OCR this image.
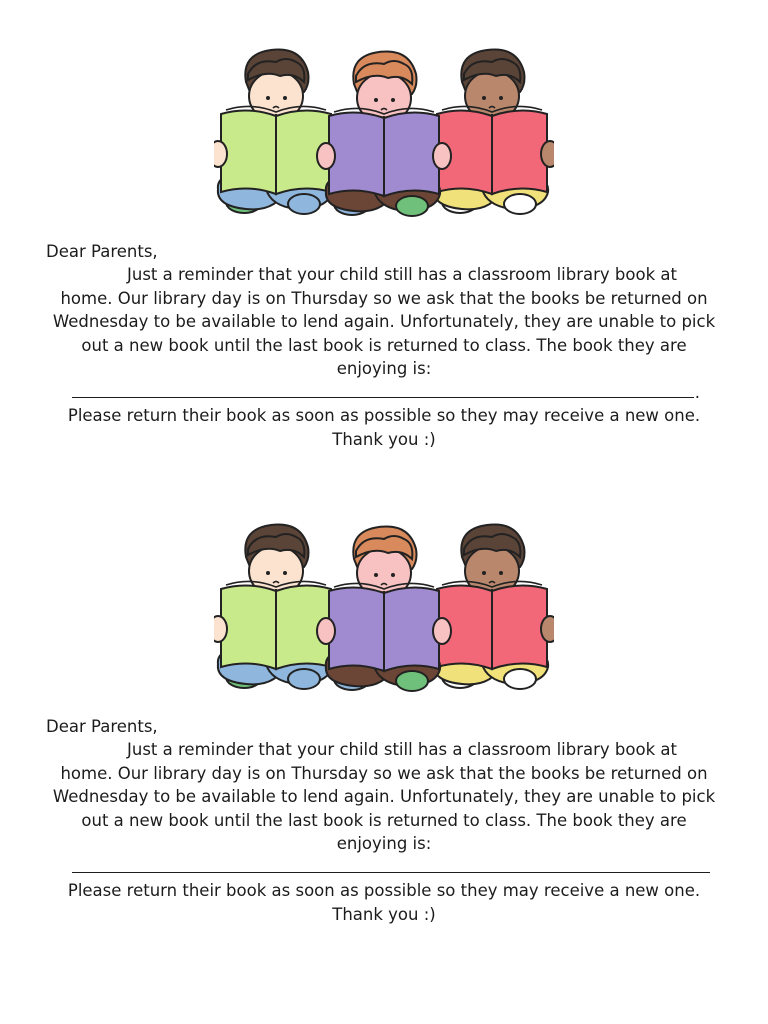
Dear Parents,

Just a reminder that your child still has a classroom library book at
home. Our library day is on Thursday so we ask that the books be returned on Wednesday to be available to lend again. Unfortunately, they are unable to pick out a new book until the last book is returned to class. The book they are enjoying is:

.

Please return their book as soon as possible so they may receive a new one.

Thank you :)

Dear Parents,

Just a reminder that your child still has a classroom library book at
home. Our library day is on Thursday so we ask that the books be returned on Wednesday to be available to lend again. Unfortunately, they are unable to pick out a new book until the last book is returned to class. The book they are enjoying is:

Please return their book as soon as possible so they may receive a new one.

Thank you :)
